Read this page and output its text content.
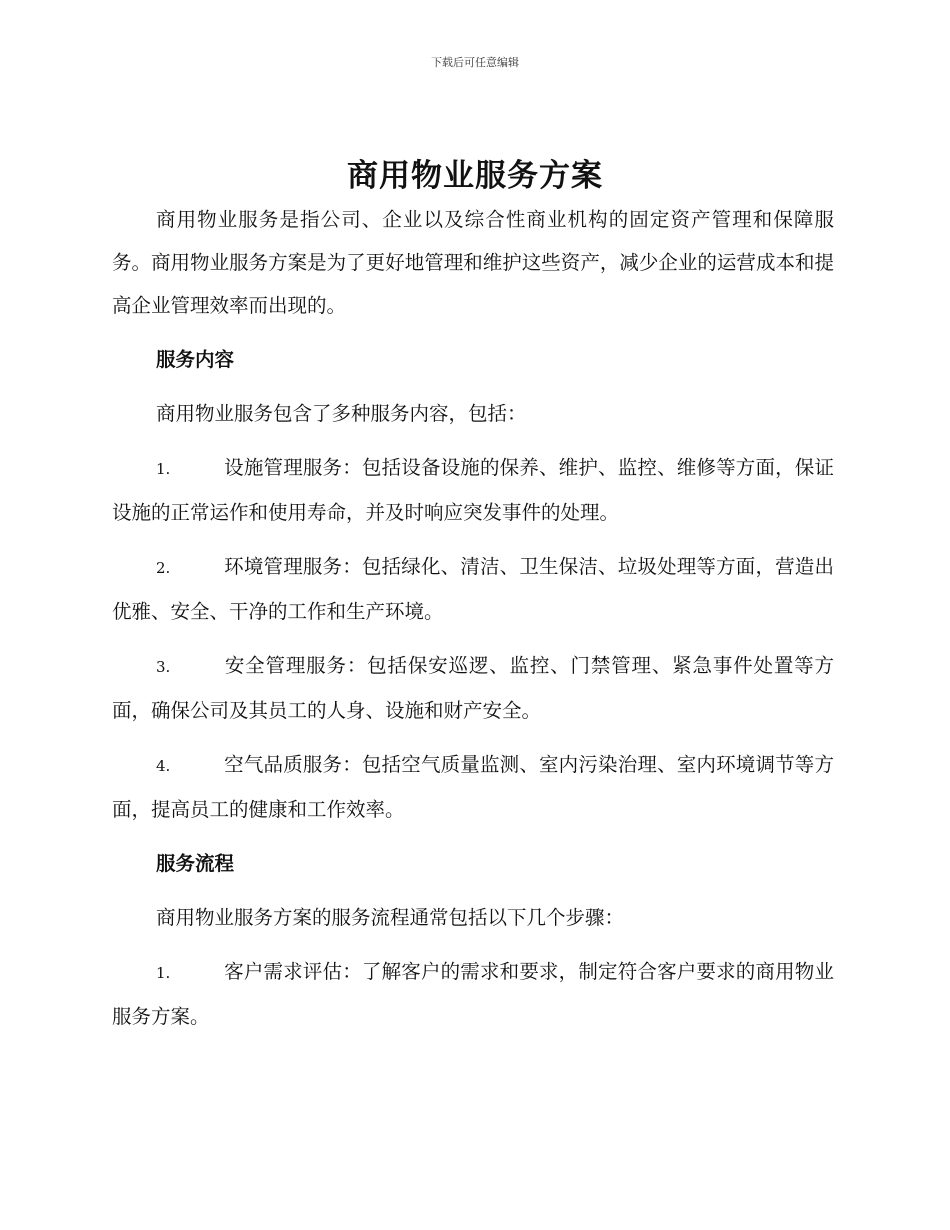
下载后可任意编辑
商用物业服务方案

商用物业服务是指公司、企业以及综合性商业机构的固定资产管理和保障服务。商用物业服务方案是为了更好地管理和维护这些资产，减少企业的运营成本和提高企业管理效率而出现的。

服务内容

商用物业服务包含了多种服务内容，包括：

1.	设施管理服务：包括设备设施的保养、维护、监控、维修等方面，保证设施的正常运作和使用寿命，并及时响应突发事件的处理。

2.	环境管理服务：包括绿化、清洁、卫生保洁、垃圾处理等方面，营造出优雅、安全、干净的工作和生产环境。

3.	安全管理服务：包括保安巡逻、监控、门禁管理、紧急事件处置等方面，确保公司及其员工的人身、设施和财产安全。

4.	空气品质服务：包括空气质量监测、室内污染治理、室内环境调节等方面，提高员工的健康和工作效率。

服务流程

商用物业服务方案的服务流程通常包括以下几个步骤：

1.	客户需求评估：了解客户的需求和要求，制定符合客户要求的商用物业服务方案。
